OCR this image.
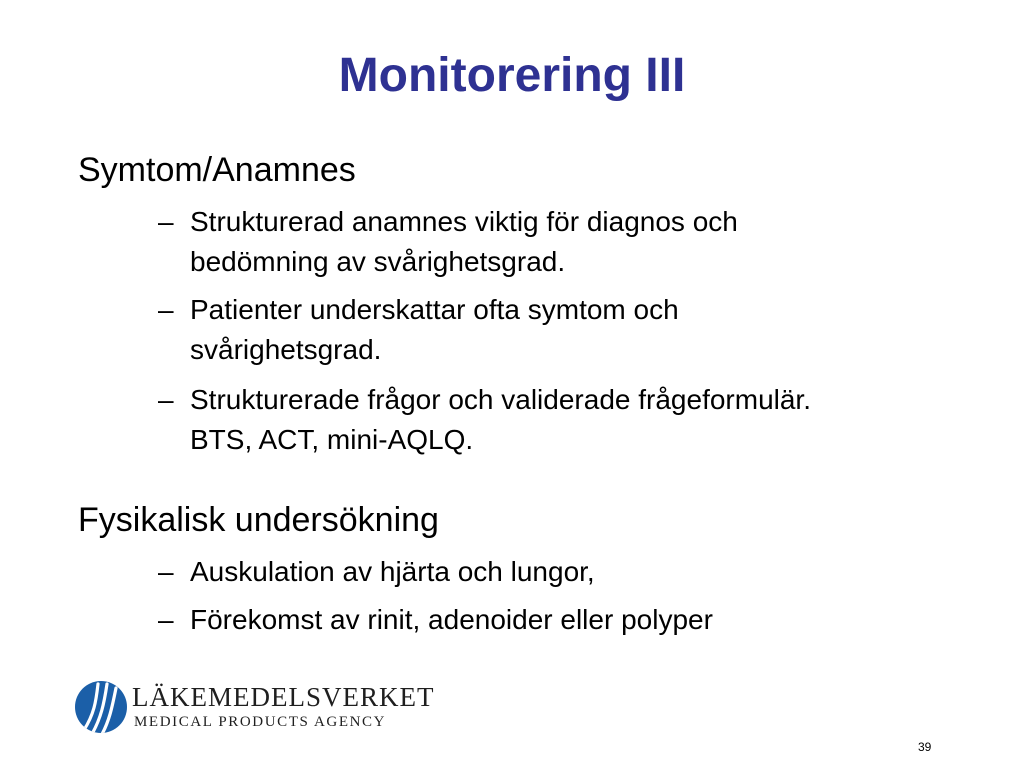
Monitorering III
Symtom/Anamnes
– Strukturerad anamnes viktig för diagnos och
bedömning av svårighetsgrad.
– Patienter underskattar ofta symtom och
svårighetsgrad.
– Strukturerade frågor och validerade frågeformulär.
BTS, ACT, mini-AQLQ.
Fysikalisk undersökning
– Auskulation av hjärta och lungor,
– Förekomst av rinit, adenoider eller polyper
LÄKEMEDELSVERKET
MEDICAL PRODUCTS AGENCY
39
